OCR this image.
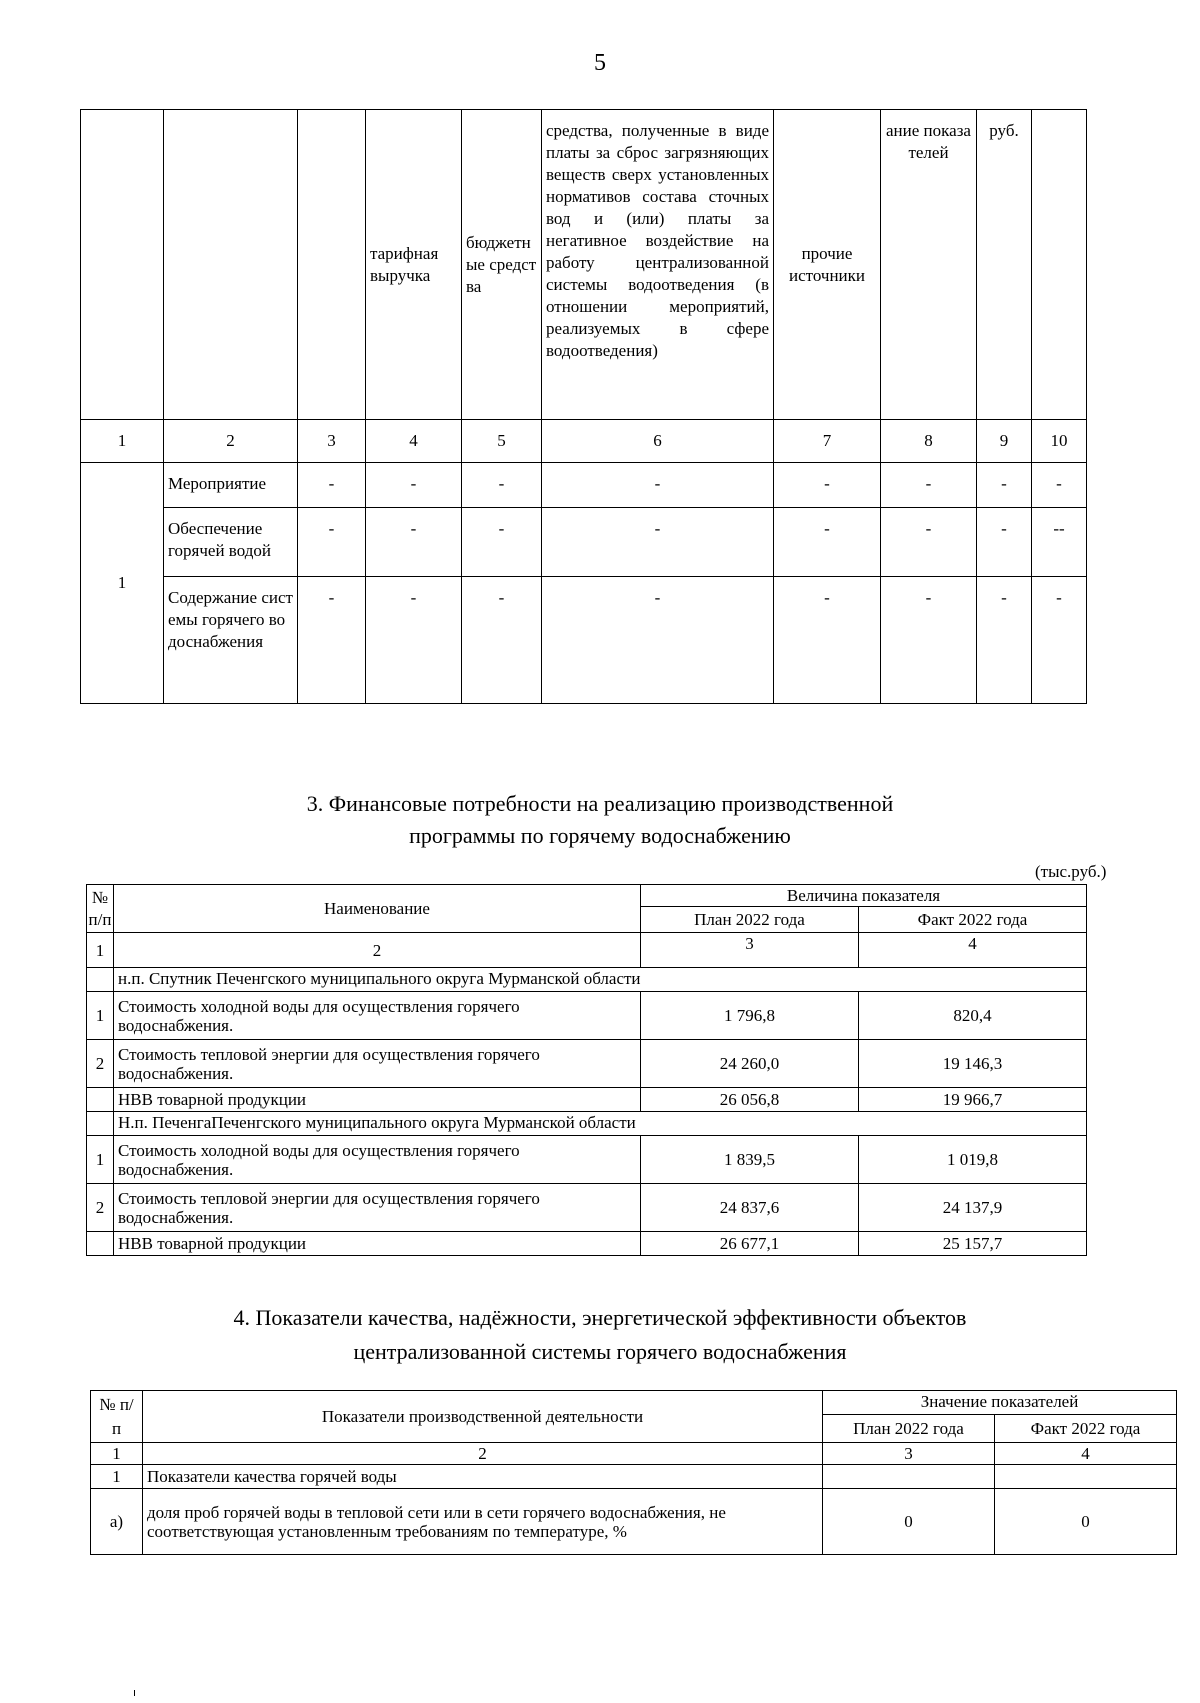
5
			тарифная выручка	бюджетные средства	средства, полученные в виде платы за сброс загрязняющих веществ сверх установленных нормативов состава сточных вод и (или) платы за негативное воздействие на работу централизованной системы водоотведения (в отношении мероприятий, реализуемых в сфере водоотведения)	прочие источники	ание показателей	руб.	
1	2	3	4	5	6	7	8	9	10
1	Мероприятие	-	-	-	-	-	-	-	-
	Обеспечение горячей водой	-	-	-	-	-	-	-	--
	Содержание системы горячего водоснабжения	-	-	-	-	-	-	-	-
3. Финансовые потребности на реализацию производственной
программы по горячему водоснабжению
(тыс.руб.)
№ п/п	Наименование	Величина показателя	
		План 2022 года	Факт 2022 года
1	2	3	4
	н.п. Спутник Печенгского муниципального округа Мурманской области		
1	Стоимость холодной воды для осуществления горячего водоснабжения.	1 796,8	820,4
2	Стоимость тепловой энергии для осуществления горячего водоснабжения.	24 260,0	19 146,3
	НВВ товарной продукции	26 056,8	19 966,7
	Н.п. ПеченгаПеченгского муниципального округа Мурманской области		
1	Стоимость холодной воды для осуществления горячего водоснабжения.	1 839,5	1 019,8
2	Стоимость тепловой энергии для осуществления горячего водоснабжения.	24 837,6	24 137,9
	НВВ товарной продукции	26 677,1	25 157,7
4. Показатели качества, надёжности, энергетической эффективности объектов
централизованной системы горячего водоснабжения
№ п/п	Показатели производственной деятельности	Значение показателей	
		План 2022 года	Факт 2022 года
1	2	3	4
1	Показатели качества горячей воды		
а)	доля проб горячей воды в тепловой сети или в сети горячего водоснабжения, не соответствующая установленным требованиям по температуре, %	0	0
